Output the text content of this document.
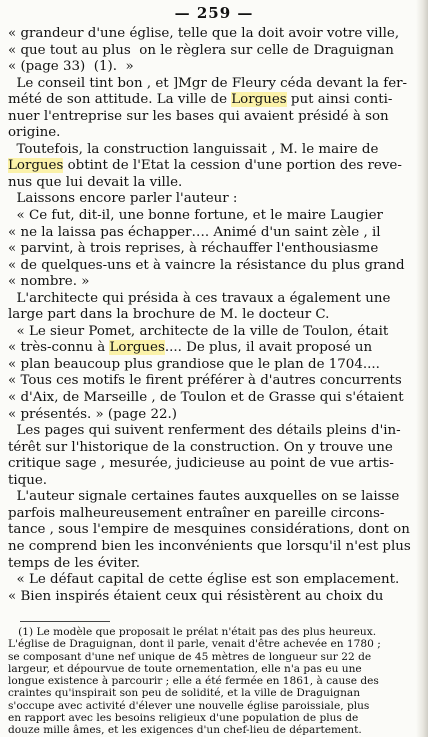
— 259 —
« grandeur d'une église, telle que la doit avoir votre ville,
« que tout au plus  on le règlera sur celle de Draguignan
« (page 33)  (1).  »
Le conseil tint bon , et ]Mgr de Fleury céda devant la fer-
mété de son attitude. La ville de Lorgues put ainsi conti-
nuer l'entreprise sur les bases qui avaient présidé à son
origine.
Toutefois, la construction languissait , M. le maire de
Lorgues obtint de l'Etat la cession d'une portion des reve-
nus que lui devait la ville.
Laissons encore parler l'auteur :
« Ce fut, dit-il, une bonne fortune, et le maire Laugier
« ne la laissa pas échapper…. Animé d'un saint zèle , il
« parvint, à trois reprises, à réchauffer l'enthousiasme
« de quelques-uns et à vaincre la résistance du plus grand
« nombre. »
L'architecte qui présida à ces travaux a également une
large part dans la brochure de M. le docteur C.
« Le sieur Pomet, architecte de la ville de Toulon, était
« très-connu à Lorgues.... De plus, il avait proposé un
« plan beaucoup plus grandiose que le plan de 1704....
« Tous ces motifs le firent préférer à d'autres concurrents
« d'Aix, de Marseille , de Toulon et de Grasse qui s'étaient
« présentés. » (page 22.)
Les pages qui suivent renferment des détails pleins d'in-
térêt sur l'historique de la construction. On y trouve une
critique sage , mesurée, judicieuse au point de vue artis-
tique.
L'auteur signale certaines fautes auxquelles on se laisse
parfois malheureusement entraîner en pareille circons-
tance , sous l'empire de mesquines considérations, dont on
ne comprend bien les inconvénients que lorsqu'il n'est plus
temps de les éviter.
« Le défaut capital de cette église est son emplacement.
« Bien inspirés étaient ceux qui résistèrent au choix du
(1) Le modèle que proposait le prélat n'était pas des plus heureux.
L'église de Draguignan, dont il parle, venait d'être achevée en 1780 ;
se composant d'une nef unique de 45 mètres de longueur sur 22 de
largeur, et dépourvue de toute ornementation, elle n'a pas eu une
longue existence à parcourir ; elle a été fermée en 1861, à cause des
craintes qu'inspirait son peu de solidité, et la ville de Draguignan
s'occupe avec activité d'élever une nouvelle église paroissiale, plus
en rapport avec les besoins religieux d'une population de plus de
douze mille âmes, et les exigences d'un chef-lieu de département.
